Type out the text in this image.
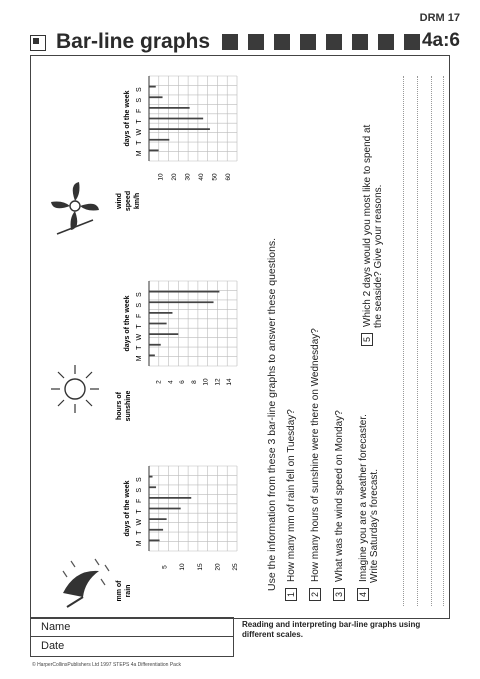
DRM 17
Bar-line graphs	4a:6
M
T
W
T
F
S
S
5 10 15 20 25
days of the week
mm of rain
M
T
W
T
F
S
S
2 4 6 8 10 12 14
days of the week
hours of sunshine
M
T
W
T
F
S
S
10 20 30 40 50 60
days of the week
wind speed km/h
Use the information from these 3 bar-line graphs to answer these questions.
1How many mm of rain fell on Tuesday?
2How many hours of sunshine were there on Wednesday?
3What was the wind speed on Monday?
4Imagine you are a weather forecaster. Write Saturday's forecast.
5Which 2 days would you most like to spend at the seaside? Give your reasons.
Name
Date
Reading and interpreting bar-line graphs using different scales.
© HarperCollinsPublishers Ltd 1997 STEPS 4a Differentiation Pack
